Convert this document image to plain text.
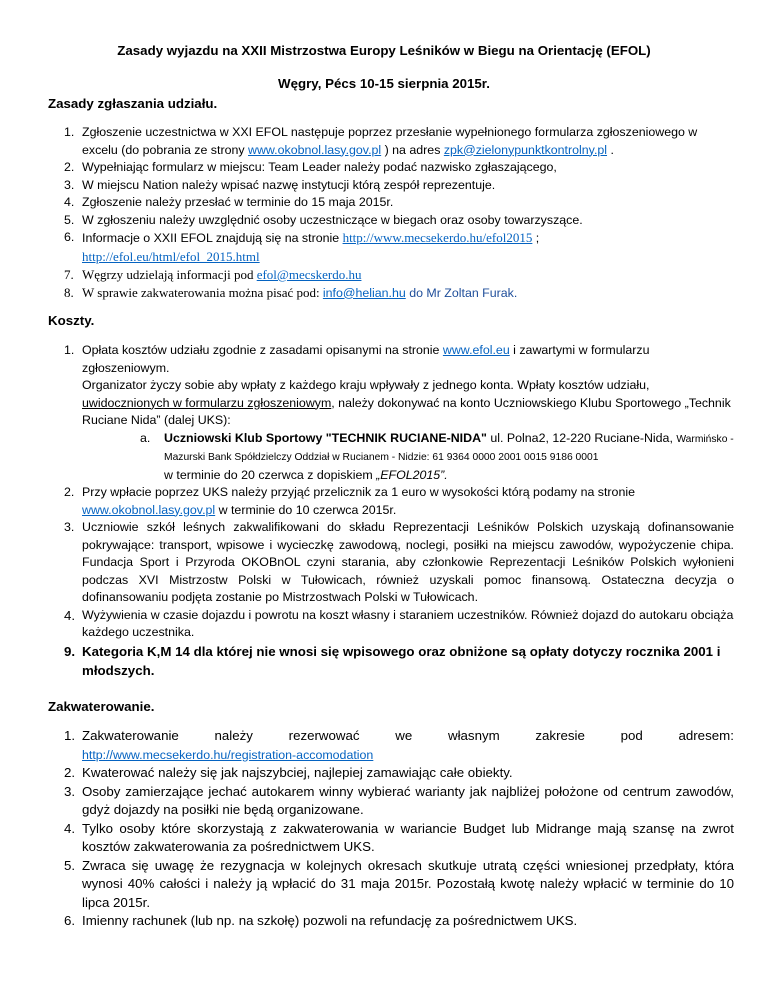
Zasady wyjazdu na XXII Mistrzostwa Europy Leśników w Biegu na Orientację (EFOL)
Węgry, Pécs 10-15 sierpnia 2015r.
Zasady zgłaszania udziału.
1. Zgłoszenie uczestnictwa w XXI EFOL następuje poprzez przesłanie wypełnionego formularza zgłoszeniowego w excelu (do pobrania ze strony www.okobnol.lasy.gov.pl ) na adres zpk@zielonypunktkontrolny.pl .
2. Wypełniając formularz w miejscu: Team Leader należy podać nazwisko zgłaszającego,
3. W miejscu Nation należy wpisać nazwę instytucji którą zespół reprezentuje.
4. Zgłoszenie należy przesłać w terminie do 15 maja 2015r.
5. W zgłoszeniu należy uwzględnić osoby uczestniczące w biegach oraz osoby towarzyszące.
6. Informacje o XXII EFOL znajdują się na stronie http://www.mecsekerdo.hu/efol2015 ;
http://efol.eu/html/efol_2015.html
7. Węgrzy udzielają informacji pod efol@mecskerdo.hu
8. W sprawie zakwaterowania można pisać pod: info@helian.hu do Mr Zoltan Furak.
Koszty.
1. Opłata kosztów udziału zgodnie z zasadami opisanymi na stronie www.efol.eu i zawartymi w formularzu zgłoszeniowym.
Organizator życzy sobie aby wpłaty z każdego kraju wpływały z jednego konta. Wpłaty kosztów udziału, uwidocznionych w formularzu zgłoszeniowym, należy dokonywać na konto Uczniowskiego Klubu Sportowego „Technik Ruciane Nida” (dalej UKS):
a.	Uczniowski Klub Sportowy "TECHNIK RUCIANE-NIDA" ul. Polna2, 12-220 Ruciane-Nida, Warmińsko - Mazurski Bank Spółdzielczy Oddział w Rucianem - Nidzie: 61 9364 0000 2001 0015 9186 0001
w terminie do 20 czerwca z dopiskiem „EFOL2015”.
2. Przy wpłacie poprzez UKS należy przyjąć przelicznik za 1 euro w wysokości którą podamy na stronie www.okobnol.lasy.gov.pl w terminie do 10 czerwca 2015r.
3. Uczniowie szkół leśnych zakwalifikowani do składu Reprezentacji Leśników Polskich uzyskają dofinansowanie pokrywające: transport, wpisowe i wycieczkę zawodową, noclegi, posiłki na miejscu zawodów, wypożyczenie chipa. Fundacja Sport i Przyroda OKOBnOL czyni starania, aby członkowie Reprezentacji Leśników Polskich wyłonieni podczas XVI Mistrzostw Polski w Tułowicach, również uzyskali pomoc finansową. Ostateczna decyzja o dofinansowaniu podjęta zostanie po Mistrzostwach Polski w Tułowicach.
4. Wyżywienia w czasie dojazdu i powrotu na koszt własny i staraniem uczestników. Również dojazd do autokaru obciąża każdego uczestnika.
9. Kategoria K,M 14 dla której nie wnosi się wpisowego oraz obniżone są opłaty dotyczy rocznika 2001 i młodszych.
Zakwaterowanie.
1. Zakwaterowanie	należy	rezerwować	we	własnym	zakresie	pod	adresem:
http://www.mecsekerdo.hu/registration-accomodation
2. Kwaterować należy się jak najszybciej, najlepiej zamawiając całe obiekty.
3. Osoby zamierzające jechać autokarem winny wybierać warianty jak najbliżej położone od centrum zawodów, gdyż dojazdy na posiłki nie będą organizowane.
4. Tylko osoby które skorzystają z zakwaterowania w wariancie Budget lub Midrange mają szansę na zwrot kosztów zakwaterowania za pośrednictwem UKS.
5. Zwraca się uwagę że rezygnacja w kolejnych okresach skutkuje utratą części wniesionej przedpłaty, która wynosi 40% całości i należy ją wpłacić do 31 maja 2015r. Pozostałą kwotę należy wpłacić w terminie do 10 lipca 2015r.
6. Imienny rachunek (lub np. na szkołę) pozwoli na refundację za pośrednictwem UKS.
